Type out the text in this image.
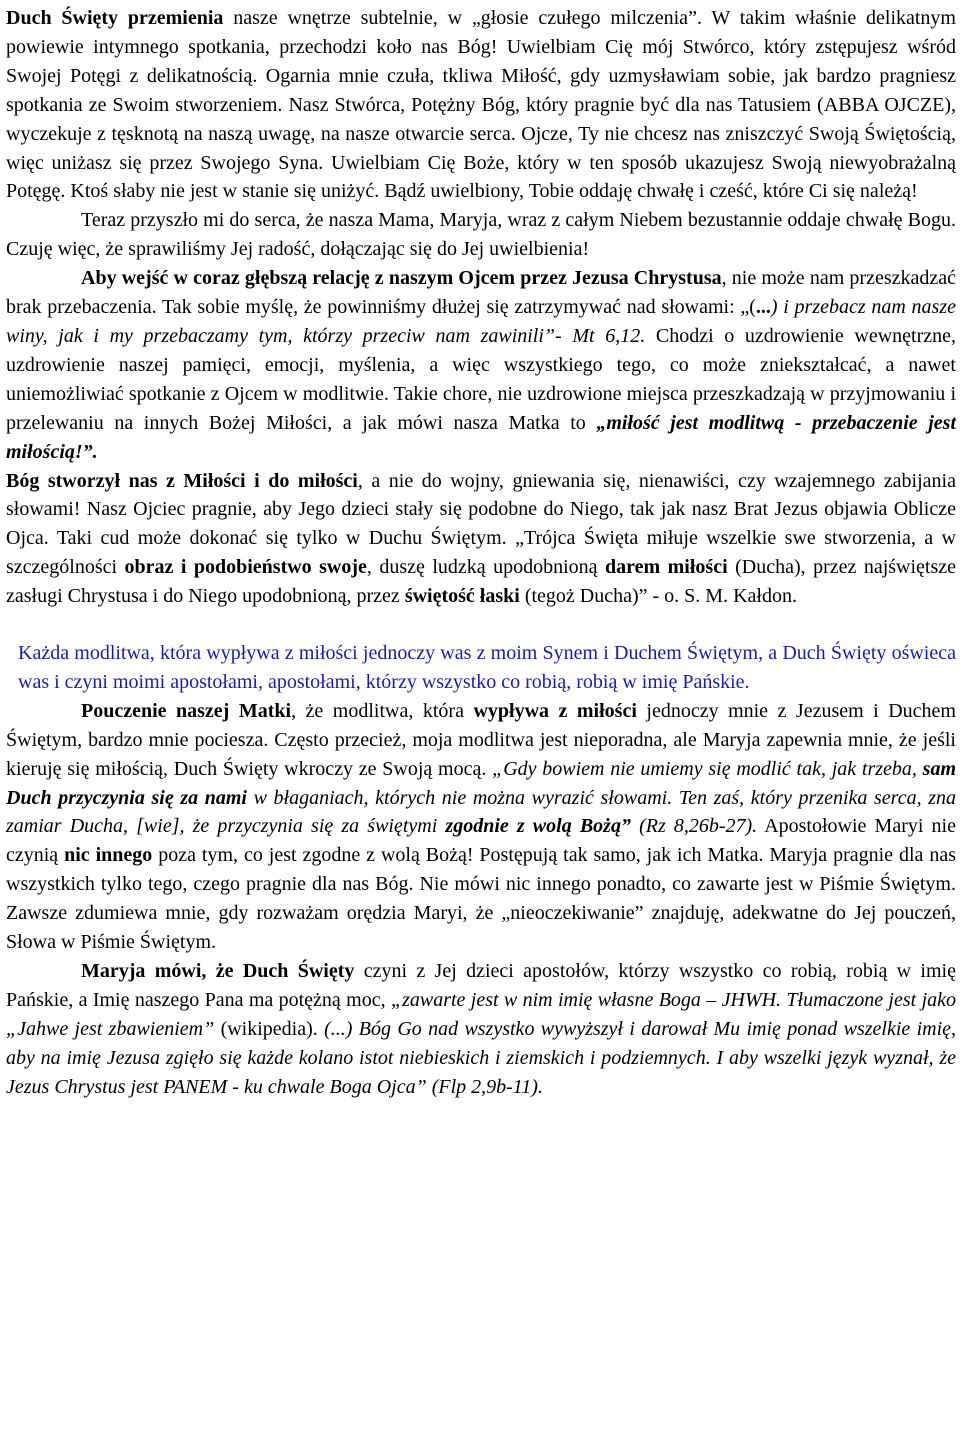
Duch Święty przemienia nasze wnętrze subtelnie, w „głosie czułego milczenia”. W takim właśnie delikatnym powiewie intymnego spotkania, przechodzi koło nas Bóg! Uwielbiam Cię mój Stwórco, który zstępujesz wśród Swojej Potęgi z delikatnością. Ogarnia mnie czuła, tkliwa Miłość, gdy uzmysławiam sobie, jak bardzo pragniesz spotkania ze Swoim stworzeniem. Nasz Stwórca, Potężny Bóg, który pragnie być dla nas Tatusiem (ABBA OJCZE), wyczekuje z tęsknotą na naszą uwagę, na nasze otwarcie serca. Ojcze, Ty nie chcesz nas zniszczyć Swoją Świętością, więc uniżasz się przez Swojego Syna. Uwielbiam Cię Boże, który w ten sposób ukazujesz Swoją niewyobrażalną Potęgę. Ktoś słaby nie jest w stanie się uniżyć. Bądź uwielbiony, Tobie oddaję chwałę i cześć, które Ci się należą!

Teraz przyszło mi do serca, że nasza Mama, Maryja, wraz z całym Niebem bezustannie oddaje chwałę Bogu. Czuję więc, że sprawiliśmy Jej radość, dołączając się do Jej uwielbienia!

Aby wejść w coraz głębszą relację z naszym Ojcem przez Jezusa Chrystusa, nie może nam przeszkadzać brak przebaczenia. Tak sobie myślę, że powinniśmy dłużej się zatrzymywać nad słowami: „(...) i przebacz nam nasze winy, jak i my przebaczamy tym, którzy przeciw nam zawinili”- Mt 6,12. Chodzi o uzdrowienie wewnętrzne, uzdrowienie naszej pamięci, emocji, myślenia, a więc wszystkiego tego, co może zniekształcać, a nawet uniemożliwiać spotkanie z Ojcem w modlitwie. Takie chore, nie uzdrowione miejsca przeszkadzają w przyjmowaniu i przelewaniu na innych Bożej Miłości, a jak mówi nasza Matka to „miłość jest modlitwą - przebaczenie jest miłością!”.

Bóg stworzył nas z Miłości i do miłości, a nie do wojny, gniewania się, nienawiści, czy wzajemnego zabijania słowami! Nasz Ojciec pragnie, aby Jego dzieci stały się podobne do Niego, tak jak nasz Brat Jezus objawia Oblicze Ojca. Taki cud może dokonać się tylko w Duchu Świętym. „Trójca Święta miłuje wszelkie swe stworzenia, a w szczególności obraz i podobieństwo swoje, duszę ludzką upodobnioną darem miłości (Ducha), przez najświętsze zasługi Chrystusa i do Niego upodobnioną, przez świętość łaski (tegoż Ducha)” - o. S. M. Kałdon.

Każda modlitwa, która wypływa z miłości jednoczy was z moim Synem i Duchem Świętym, a Duch Święty oświeca was i czyni moimi apostołami, apostołami, którzy wszystko co robią, robią w imię Pańskie.

Pouczenie naszej Matki, że modlitwa, która wypływa z miłości jednoczy mnie z Jezusem i Duchem Świętym, bardzo mnie pociesza. Często przecież, moja modlitwa jest nieporadna, ale Maryja zapewnia mnie, że jeśli kieruję się miłością, Duch Święty wkroczy ze Swoją mocą. „Gdy bowiem nie umiemy się modlić tak, jak trzeba, sam Duch przyczynia się za nami w błaganiach, których nie można wyrazić słowami. Ten zaś, który przenika serca, zna zamiar Ducha, [wie], że przyczynia się za świętymi zgodnie z wolą Bożą” (Rz 8,26b-27). Apostołowie Maryi nie czynią nic innego poza tym, co jest zgodne z wolą Bożą! Postępują tak samo, jak ich Matka. Maryja pragnie dla nas wszystkich tylko tego, czego pragnie dla nas Bóg. Nie mówi nic innego ponadto, co zawarte jest w Piśmie Świętym. Zawsze zdumiewa mnie, gdy rozważam orędzia Maryi, że „nieoczekiwanie” znajduję, adekwatne do Jej pouczeń, Słowa w Piśmie Świętym.

Maryja mówi, że Duch Święty czyni z Jej dzieci apostołów, którzy wszystko co robią, robią w imię Pańskie, a Imię naszego Pana ma potężną moc, „zawarte jest w nim imię własne Boga – JHWH. Tłumaczone jest jako „Jahwe jest zbawieniem” (wikipedia). (...) Bóg Go nad wszystko wywyższył i darował Mu imię ponad wszelkie imię, aby na imię Jezusa zgięło się każde kolano istot niebieskich i ziemskich i podziemnych. I aby wszelki język wyznał, że Jezus Chrystus jest PANEM - ku chwale Boga Ojca” (Flp 2,9b-11).
